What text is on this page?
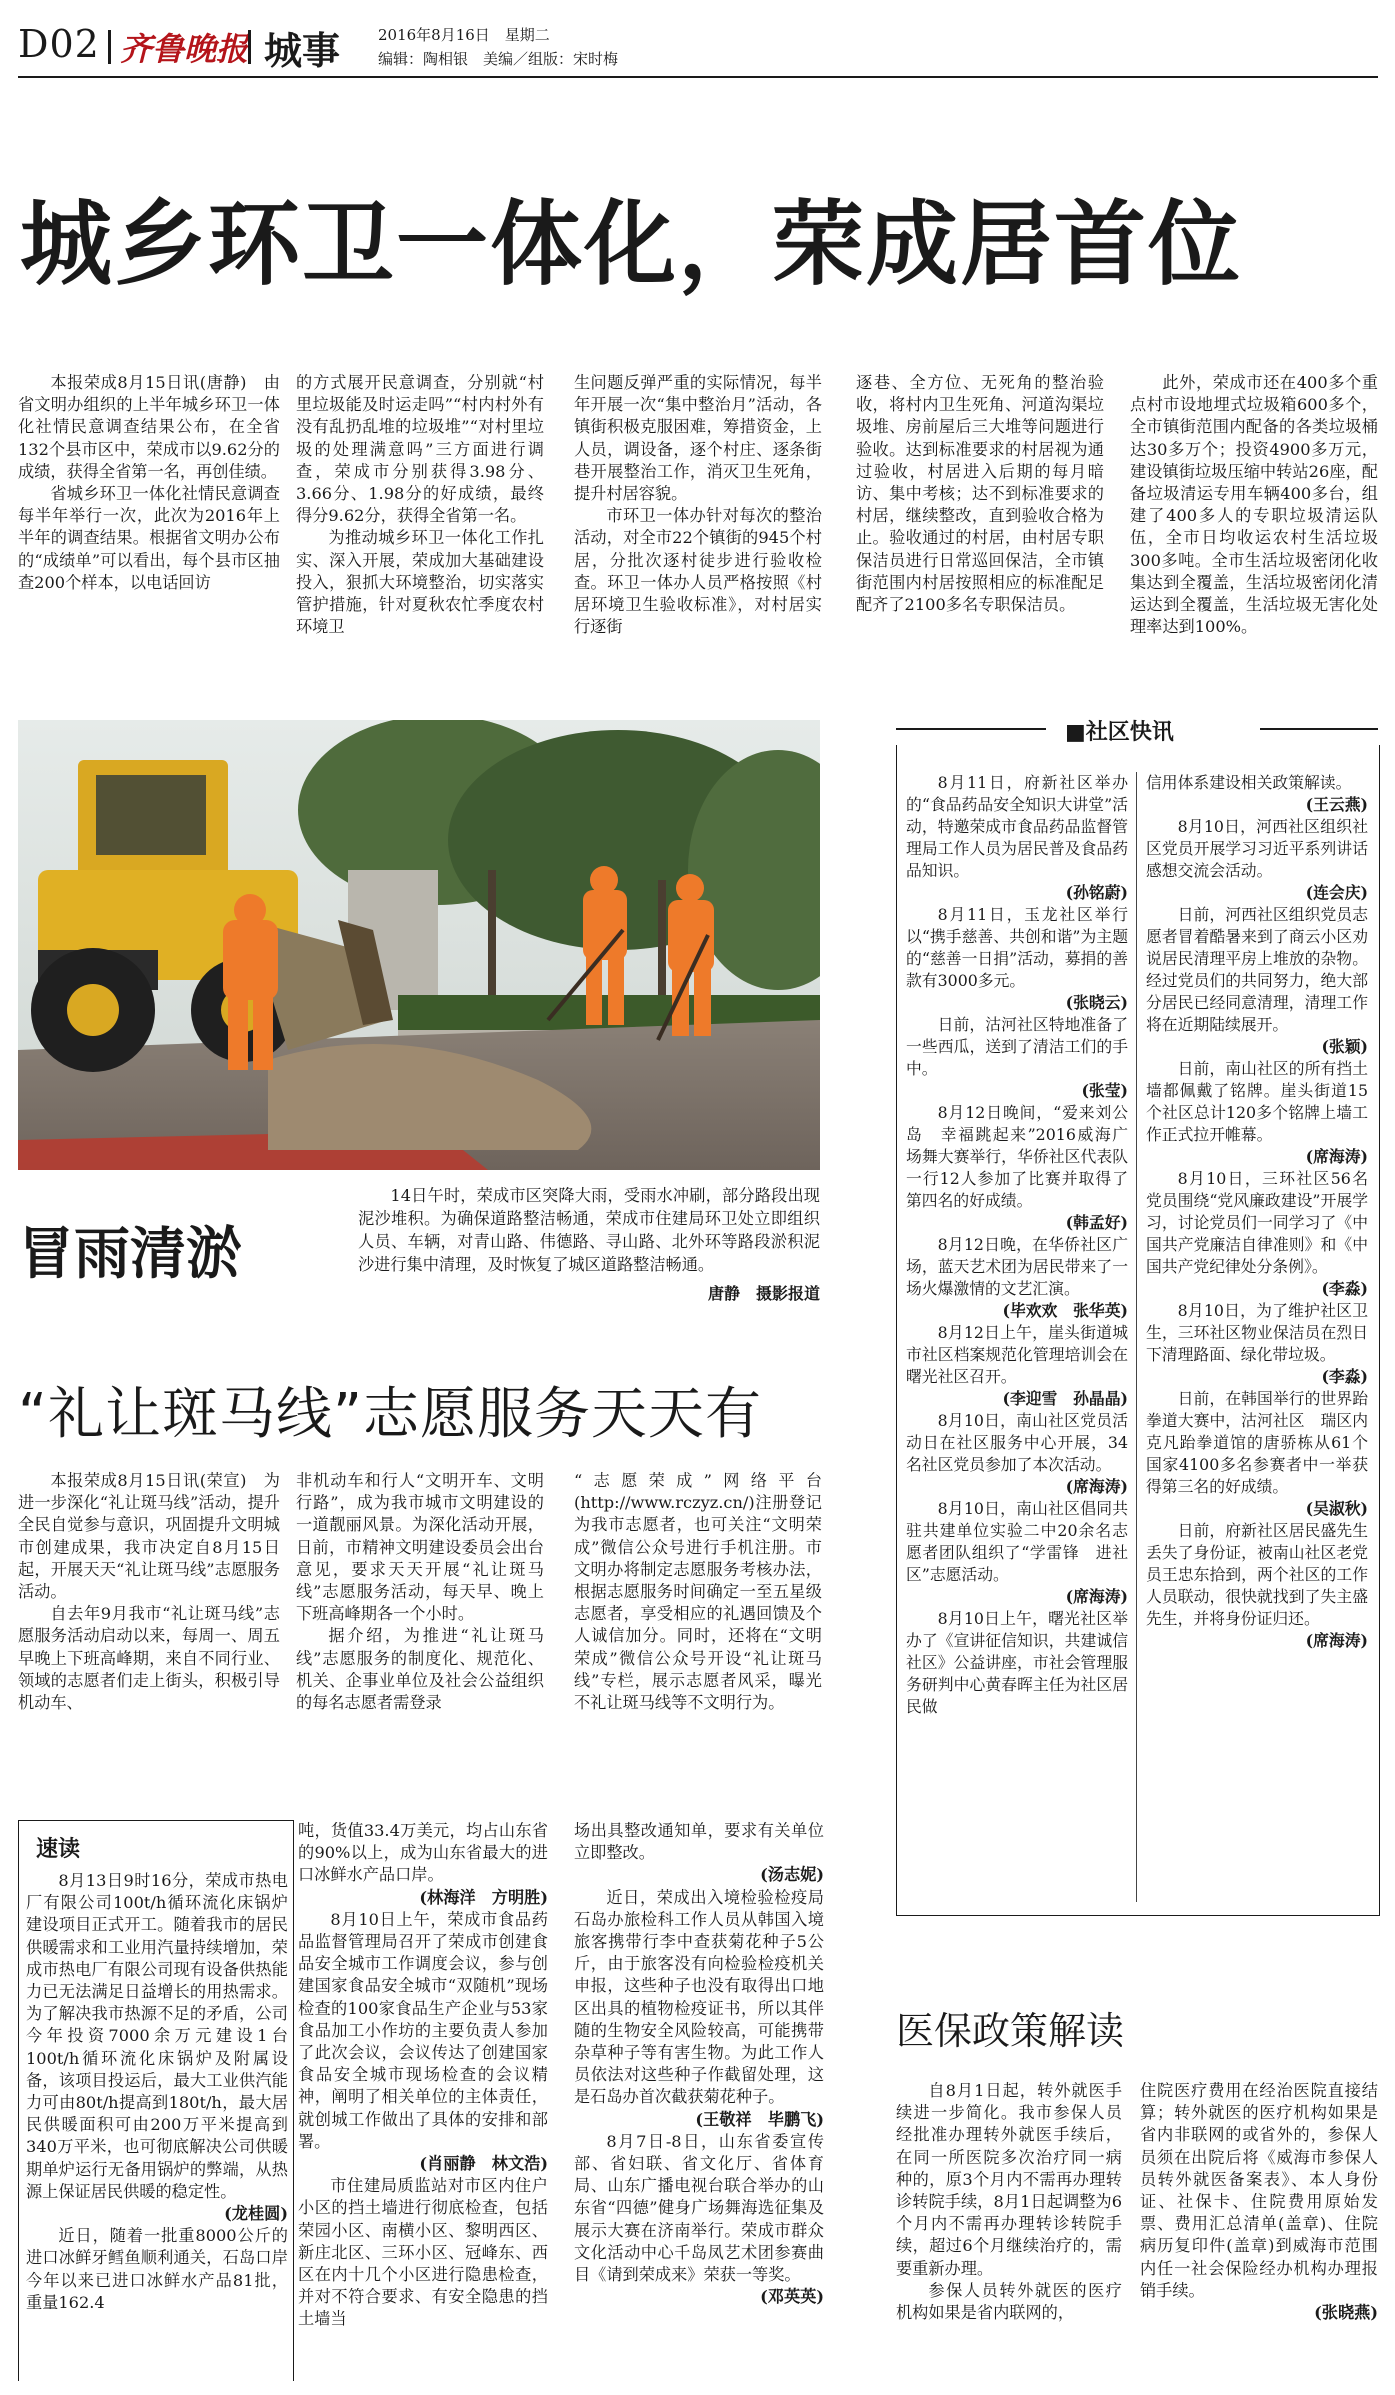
D02 齐鲁晚报 城事	2016年8月16日　星期二
编辑：陶相银　美编／组版：宋时梅
城乡环卫一体化，荣成居首位

本报荣成8月15日讯(唐静)　由省文明办组织的上半年城乡环卫一体化社情民意调查结果公布，在全省132个县市区中，荣成市以9.62分的成绩，获得全省第一名，再创佳绩。

省城乡环卫一体化社情民意调查每半年举行一次，此次为2016年上半年的调查结果。根据省文明办公布的“成绩单”可以看出，每个县市区抽查200个样本，以电话回访

的方式展开民意调查，分别就“村里垃圾能及时运走吗”“村内村外有没有乱扔乱堆的垃圾堆”“对村里垃圾的处理满意吗”三方面进行调查，荣成市分别获得3.98分、3.66分、1.98分的好成绩，最终得分9.62分，获得全省第一名。

为推动城乡环卫一体化工作扎实、深入开展，荣成加大基础建设投入，狠抓大环境整治，切实落实管护措施，针对夏秋农忙季度农村环境卫

生问题反弹严重的实际情况，每半年开展一次“集中整治月”活动，各镇街积极克服困难，筹措资金，上人员，调设备，逐个村庄、逐条街巷开展整治工作，消灭卫生死角，提升村居容貌。

市环卫一体办针对每次的整治活动，对全市22个镇街的945个村居，分批次逐村徒步进行验收检查。环卫一体办人员严格按照《村居环境卫生验收标准》，对村居实行逐街

逐巷、全方位、无死角的整治验收，将村内卫生死角、河道沟渠垃圾堆、房前屋后三大堆等问题进行验收。达到标准要求的村居视为通过验收，村居进入后期的每月暗访、集中考核；达不到标准要求的村居，继续整改，直到验收合格为止。验收通过的村居，由村居专职保洁员进行日常巡回保洁，全市镇街范围内村居按照相应的标准配足配齐了2100多名专职保洁员。

此外，荣成市还在400多个重点村市设地埋式垃圾箱600多个，全市镇街范围内配备的各类垃圾桶达30多万个；投资4900多万元，建设镇街垃圾压缩中转站26座，配备垃圾清运专用车辆400多台，组建了400多人的专职垃圾清运队伍，全市日均收运农村生活垃圾300多吨。全市生活垃圾密闭化收集达到全覆盖，生活垃圾密闭化清运达到全覆盖，生活垃圾无害化处理率达到100%。

冒雨清淤
14日午时，荣成市区突降大雨，受雨水冲刷，部分路段出现泥沙堆积。为确保道路整洁畅通，荣成市住建局环卫处立即组织人员、车辆，对青山路、伟德路、寻山路、北外环等路段淤积泥沙进行集中清理，及时恢复了城区道路整洁畅通。
唐静　摄影报道
“礼让斑马线”志愿服务天天有

本报荣成8月15日讯(荣宣)　为进一步深化“礼让斑马线”活动，提升全民自觉参与意识，巩固提升文明城市创建成果，我市决定自8月15日起，开展天天“礼让斑马线”志愿服务活动。

自去年9月我市“礼让斑马线”志愿服务活动启动以来，每周一、周五早晚上下班高峰期，来自不同行业、领域的志愿者们走上街头，积极引导机动车、

非机动车和行人“文明开车、文明行路”，成为我市城市文明建设的一道靓丽风景。为深化活动开展，日前，市精神文明建设委员会出台意见，要求天天开展“礼让斑马线”志愿服务活动，每天早、晚上下班高峰期各一个小时。

据介绍，为推进“礼让斑马线”志愿服务的制度化、规范化、机关、企事业单位及社会公益组织的每名志愿者需登录

“志愿荣成”网络平台(http://www.rczyz.cn/)注册登记为我市志愿者，也可关注“文明荣成”微信公众号进行手机注册。市文明办将制定志愿服务考核办法，根据志愿服务时间确定一至五星级志愿者，享受相应的礼遇回馈及个人诚信加分。同时，还将在“文明荣成”微信公众号开设“礼让斑马线”专栏，展示志愿者风采，曝光不礼让斑马线等不文明行为。

速读

8月13日9时16分，荣成市热电厂有限公司100t/h循环流化床锅炉建设项目正式开工。随着我市的居民供暖需求和工业用汽量持续增加，荣成市热电厂有限公司现有设备供热能力已无法满足日益增长的用热需求。为了解决我市热源不足的矛盾，公司今年投资7000余万元建设1台100t/h循环流化床锅炉及附属设备，该项目投运后，最大工业供汽能力可由80t/h提高到180t/h，最大居民供暖面积可由200万平米提高到340万平米，也可彻底解决公司供暖期单炉运行无备用锅炉的弊端，从热源上保证居民供暖的稳定性。

(龙桂圆)

近日，随着一批重8000公斤的进口冰鲜牙鳕鱼顺利通关，石岛口岸今年以来已进口冰鲜水产品81批，重量162.4

吨，货值33.4万美元，均占山东省的90%以上，成为山东省最大的进口冰鲜水产品口岸。

(林海洋　方明胜)

8月10日上午，荣成市食品药品监督管理局召开了荣成市创建食品安全城市工作调度会议，参与创建国家食品安全城市“双随机”现场检查的100家食品生产企业与53家食品加工小作坊的主要负责人参加了此次会议，会议传达了创建国家食品安全城市现场检查的会议精神，阐明了相关单位的主体责任，就创城工作做出了具体的安排和部署。

(肖丽静　林文浩)

市住建局质监站对市区内住户小区的挡土墙进行彻底检查，包括荣园小区、南横小区、黎明西区、新庄北区、三环小区、冠峰东、西区在内十几个小区进行隐患检查，并对不符合要求、有安全隐患的挡土墙当

场出具整改通知单，要求有关单位立即整改。

(汤志妮)

近日，荣成出入境检验检疫局石岛办旅检科工作人员从韩国入境旅客携带行李中查获菊花种子5公斤，由于旅客没有向检验检疫机关申报，这些种子也没有取得出口地区出具的植物检疫证书，所以其伴随的生物安全风险较高，可能携带杂草种子等有害生物。为此工作人员依法对这些种子作截留处理，这是石岛办首次截获菊花种子。

(王敬祥　毕鹏飞)

8月7日-8日，山东省委宣传部、省妇联、省文化厅、省体育局、山东广播电视台联合举办的山东省“四德”健身广场舞海选征集及展示大赛在济南举行。荣成市群众文化活动中心千岛凤艺术团参赛曲目《请到荣成来》荣获一等奖。

(邓英英)

■社区快讯

8月11日，府新社区举办的“食品药品安全知识大讲堂”活动，特邀荣成市食品药品监督管理局工作人员为居民普及食品药品知识。

(孙铭蔚)

8月11日，玉龙社区举行以“携手慈善、共创和谐”为主题的“慈善一日捐”活动，募捐的善款有3000多元。

(张晓云)

日前，沽河社区特地准备了一些西瓜，送到了清洁工们的手中。

(张莹)

8月12日晚间，“爱来刘公岛　幸福跳起来”2016威海广场舞大赛举行，华侨社区代表队一行12人参加了比赛并取得了第四名的好成绩。

(韩孟好)

8月12日晚，在华侨社区广场，蓝天艺术团为居民带来了一场火爆激情的文艺汇演。

(毕欢欢　张华英)

8月12日上午，崖头街道城市社区档案规范化管理培训会在曙光社区召开。

(李迎雪　孙晶晶)

8月10日，南山社区党员活动日在社区服务中心开展，34名社区党员参加了本次活动。

(席海涛)

8月10日，南山社区倡同共驻共建单位实验二中20余名志愿者团队组织了“学雷锋　进社区”志愿活动。

(席海涛)

8月10日上午，曙光社区举办了《宣讲征信知识，共建诚信社区》公益讲座，市社会管理服务研判中心黄春晖主任为社区居民做

信用体系建设相关政策解读。

(王云燕)

8月10日，河西社区组织社区党员开展学习习近平系列讲话感想交流会活动。

(连会庆)

日前，河西社区组织党员志愿者冒着酷暑来到了商云小区劝说居民清理平房上堆放的杂物。经过党员们的共同努力，绝大部分居民已经同意清理，清理工作将在近期陆续展开。

(张颖)

日前，南山社区的所有挡土墙都佩戴了铭牌。崖头街道15个社区总计120多个铭牌上墙工作正式拉开帷幕。

(席海涛)

8月10日，三环社区56名党员围绕“党风廉政建设”开展学习，讨论党员们一同学习了《中国共产党廉洁自律准则》和《中国共产党纪律处分条例》。

(李淼)

8月10日，为了维护社区卫生，三环社区物业保洁员在烈日下清理路面、绿化带垃圾。

(李淼)

日前，在韩国举行的世界跆拳道大赛中，沽河社区　瑞区内克凡跆拳道馆的唐骄栋从61个国家4100多名参赛者中一举获得第三名的好成绩。

(吴淑秋)

日前，府新社区居民盛先生丢失了身份证，被南山社区老党员王忠东拾到，两个社区的工作人员联动，很快就找到了失主盛先生，并将身份证归还。

(席海涛)

医保政策解读

自8月1日起，转外就医手续进一步简化。我市参保人员经批准办理转外就医手续后，在同一所医院多次治疗同一病种的，原3个月内不需再办理转诊转院手续，8月1日起调整为6个月内不需再办理转诊转院手续，超过6个月继续治疗的，需要重新办理。

参保人员转外就医的医疗机构如果是省内联网的，

住院医疗费用在经治医院直接结算；转外就医的医疗机构如果是省内非联网的或省外的，参保人员须在出院后将《威海市参保人员转外就医备案表》、本人身份证、社保卡、住院费用原始发票、费用汇总清单(盖章)、住院病历复印件(盖章)到威海市范围内任一社会保险经办机构办理报销手续。

(张晓燕)
